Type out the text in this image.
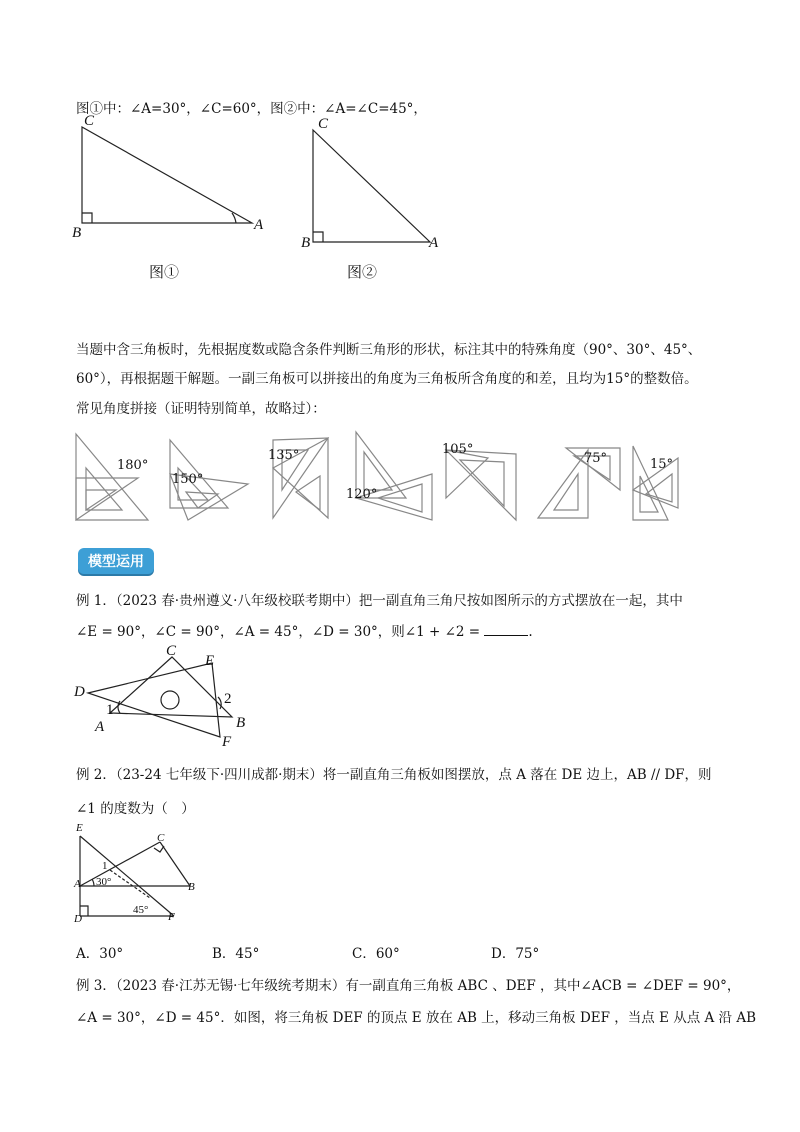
图①中：∠A=30°，∠C=60°，图②中：∠A=∠C=45°，
C
B	A
图①
C
B	A
图②
当题中含三角板时，先根据度数或隐含条件判断三角形的形状，标注其中的特殊角度（90°、30°、45°、
60°），再根据题干解题。一副三角板可以拼接出的角度为三角板所含角度的和差，且均为15°的整数倍。
常见角度拼接（证明特别简单，故略过）：
180°
150°
135°
120°
105°
75°	15°
模型运用
例 1．（2023 春·贵州遵义·八年级校联考期中）把一副直角三角尺按如图所示的方式摆放在一起，其中
∠E = 90°，∠C = 90°，∠A = 45°，∠D = 30°，则∠1 + ∠2 =	.
C
E
D
A	B
F
1
2
例 2．（23-24 七年级下·四川成都·期末）将一副直角三角板如图摆放，点 A 落在 DE 边上，AB // DF，则
∠1 的度数为（　）
E
C
A	B
D	F
1
30°
45°
A．30°	B．45°	C．60°	D．75°
例 3．（2023 春·江苏无锡·七年级统考期末）有一副直角三角板 ABC 、DEF ，其中∠ACB = ∠DEF = 90°，
∠A = 30°，∠D = 45°．如图，将三角板 DEF 的顶点 E 放在 AB 上，移动三角板 DEF ，当点 E 从点 A 沿 AB
